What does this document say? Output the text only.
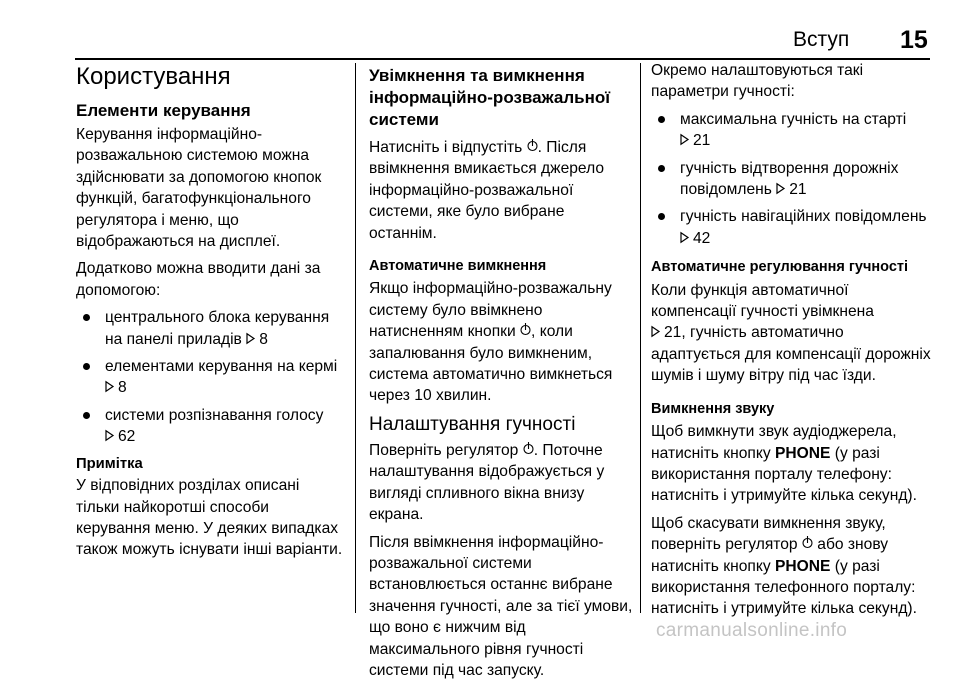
Вступ 15
Користування
Елементи керування

Керування інформаційно-розважальною системою можна здійснювати за допомогою кнопок функцій, багатофункціонального регулятора і меню, що відображаються на дисплеї.

Додатково можна вводити дані за допомогою:

центрального блока керування на панелі приладів 8
елементами керування на кермі 8
системи розпізнавання голосу
62

Примітка

У відповідних розділах описані тільки найкоротші способи керування меню. У деяких випадках також можуть існувати інші варіанти.

Увімкнення та вимкнення інформаційно-розважальної системи

Натисніть і відпустіть . Після ввімкнення вмикається джерело інформаційно-розважальної системи, яке було вибране останнім.

Автоматичне вимкнення

Якщо інформаційно-розважальну систему було ввімкнено натисненням кнопки , коли запалювання було вимкненим, система автоматично вимкнеться через 10 хвилин.

Налаштування гучності

Поверніть регулятор . Поточне налаштування відображується у вигляді спливного вікна внизу екрана.

Після ввімкнення інформаційно-розважальної системи встановлюється останнє вибране значення гучності, але за тієї умови, що воно є нижчим від максимального рівня гучності системи під час запуску.

Окремо налаштовуються такі параметри гучності:

максимальна гучність на старті
21
гучність відтворення дорожніх повідомлень 21
гучність навігаційних повідомлень 42

Автоматичне регулювання гучності

Коли функція автоматичної компенсації гучності увімкнена
21, гучність автоматично адаптується для компенсації дорожніх шумів і шуму вітру під час їзди.

Вимкнення звуку

Щоб вимкнути звук аудіоджерела, натисніть кнопку PHONE (у разі використання порталу телефону: натисніть і утримуйте кілька секунд).

Щоб скасувати вимкнення звуку, поверніть регулятор або знову натисніть кнопку PHONE (у разі використання телефонного порталу: натисніть і утримуйте кілька секунд).

carmanualsonline.info
